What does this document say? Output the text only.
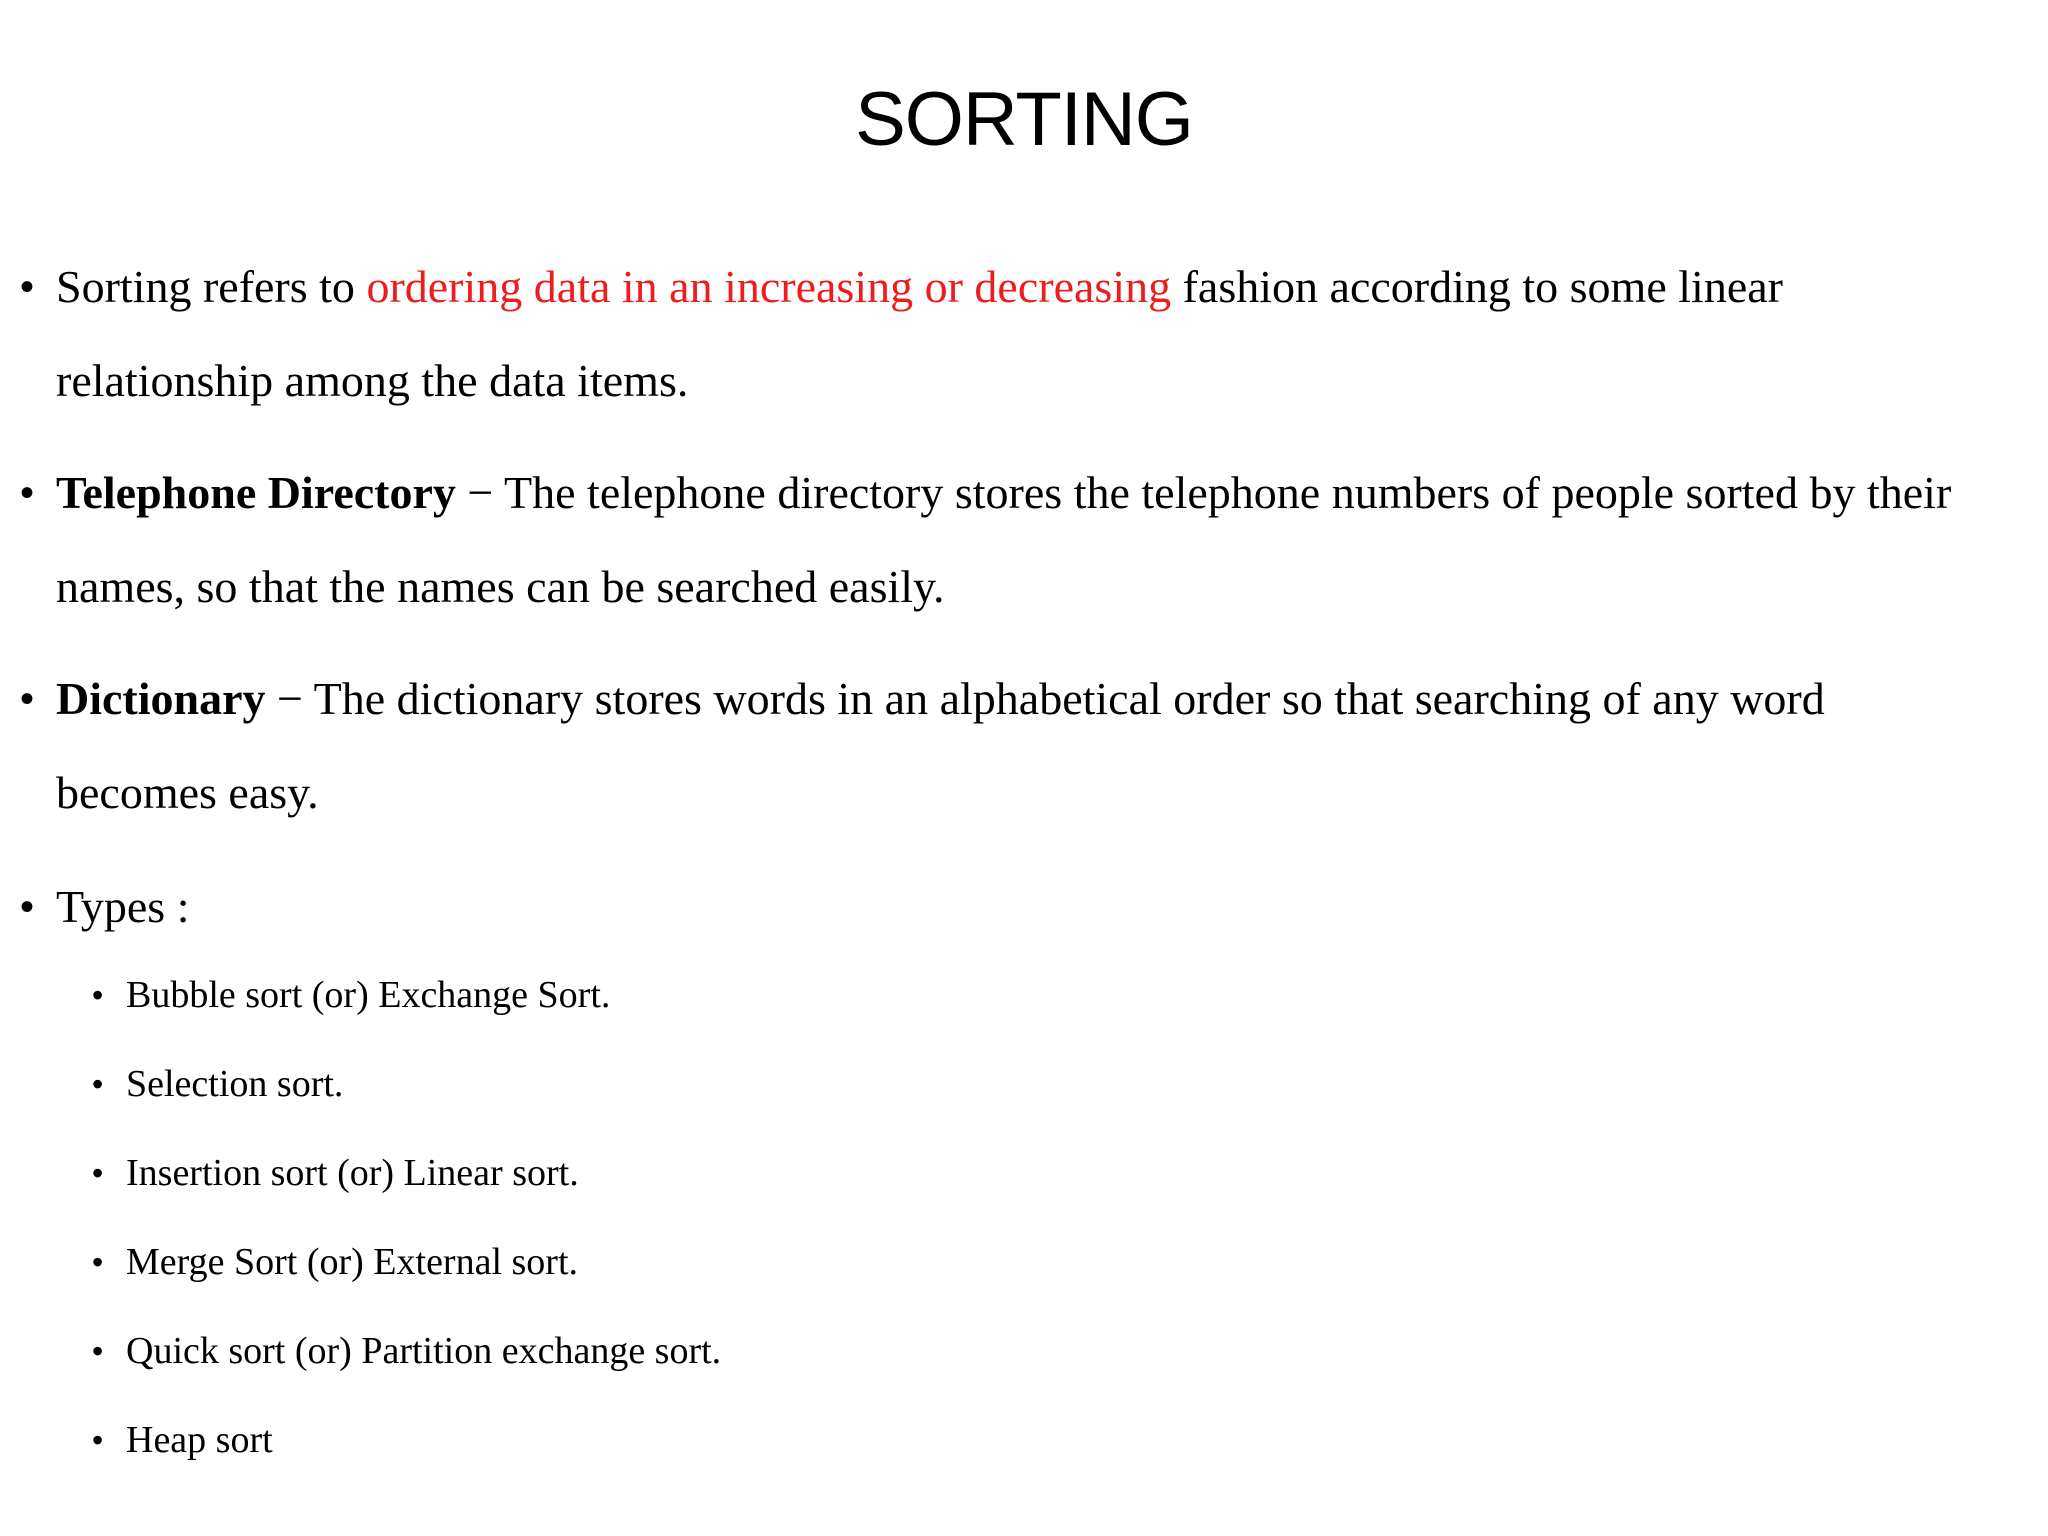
SORTING
• Sorting refers to ordering data in an increasing or decreasing fashion according to some linear relationship among the data items.
• Telephone Directory − The telephone directory stores the telephone numbers of people sorted by their names, so that the names can be searched easily.
• Dictionary − The dictionary stores words in an alphabetical order so that searching of any word becomes easy.
• Types :
• Bubble sort (or) Exchange Sort.
• Selection sort.
• Insertion sort (or) Linear sort.
• Merge Sort (or) External sort.
• Quick sort (or) Partition exchange sort.
• Heap sort
